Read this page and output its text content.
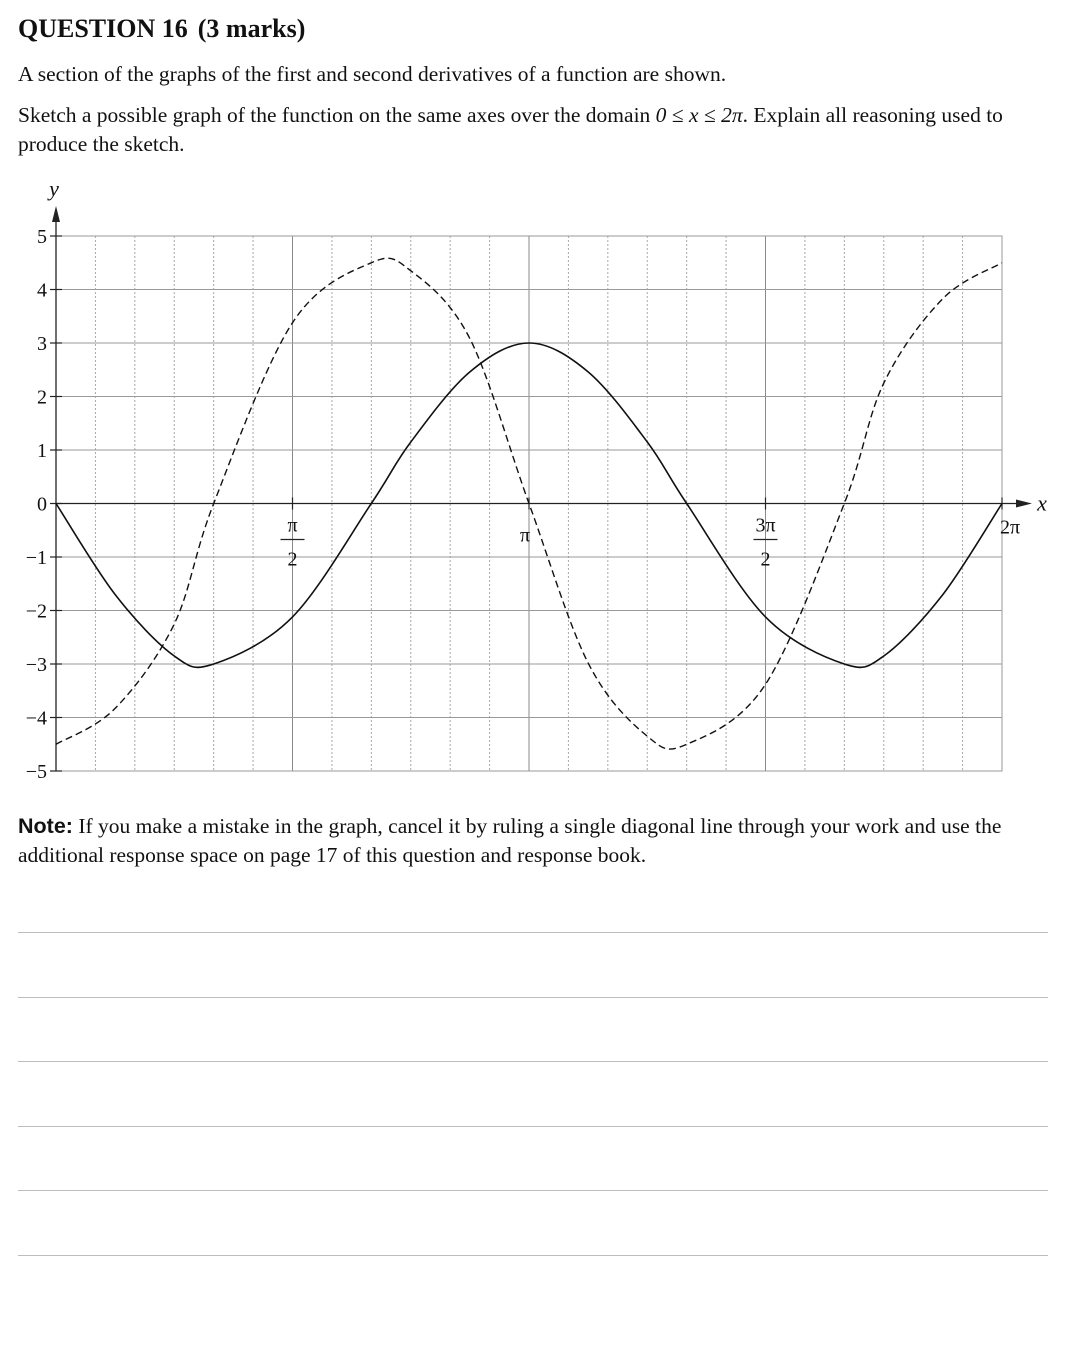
QUESTION 16 (3 marks)

A section of the graphs of the first and second derivatives of a function are shown.

Sketch a possible graph of the function on the same axes over the domain 0 ≤ x ≤ 2π. Explain all reasoning used to produce the sketch.

y
x
5
4
3
2
1
0
−1
−2
−3
−4
−5
π
2
π	3π
2
2π

Note: If you make a mistake in the graph, cancel it by ruling a single diagonal line through your work and use the additional response space on page 17 of this question and response book.
